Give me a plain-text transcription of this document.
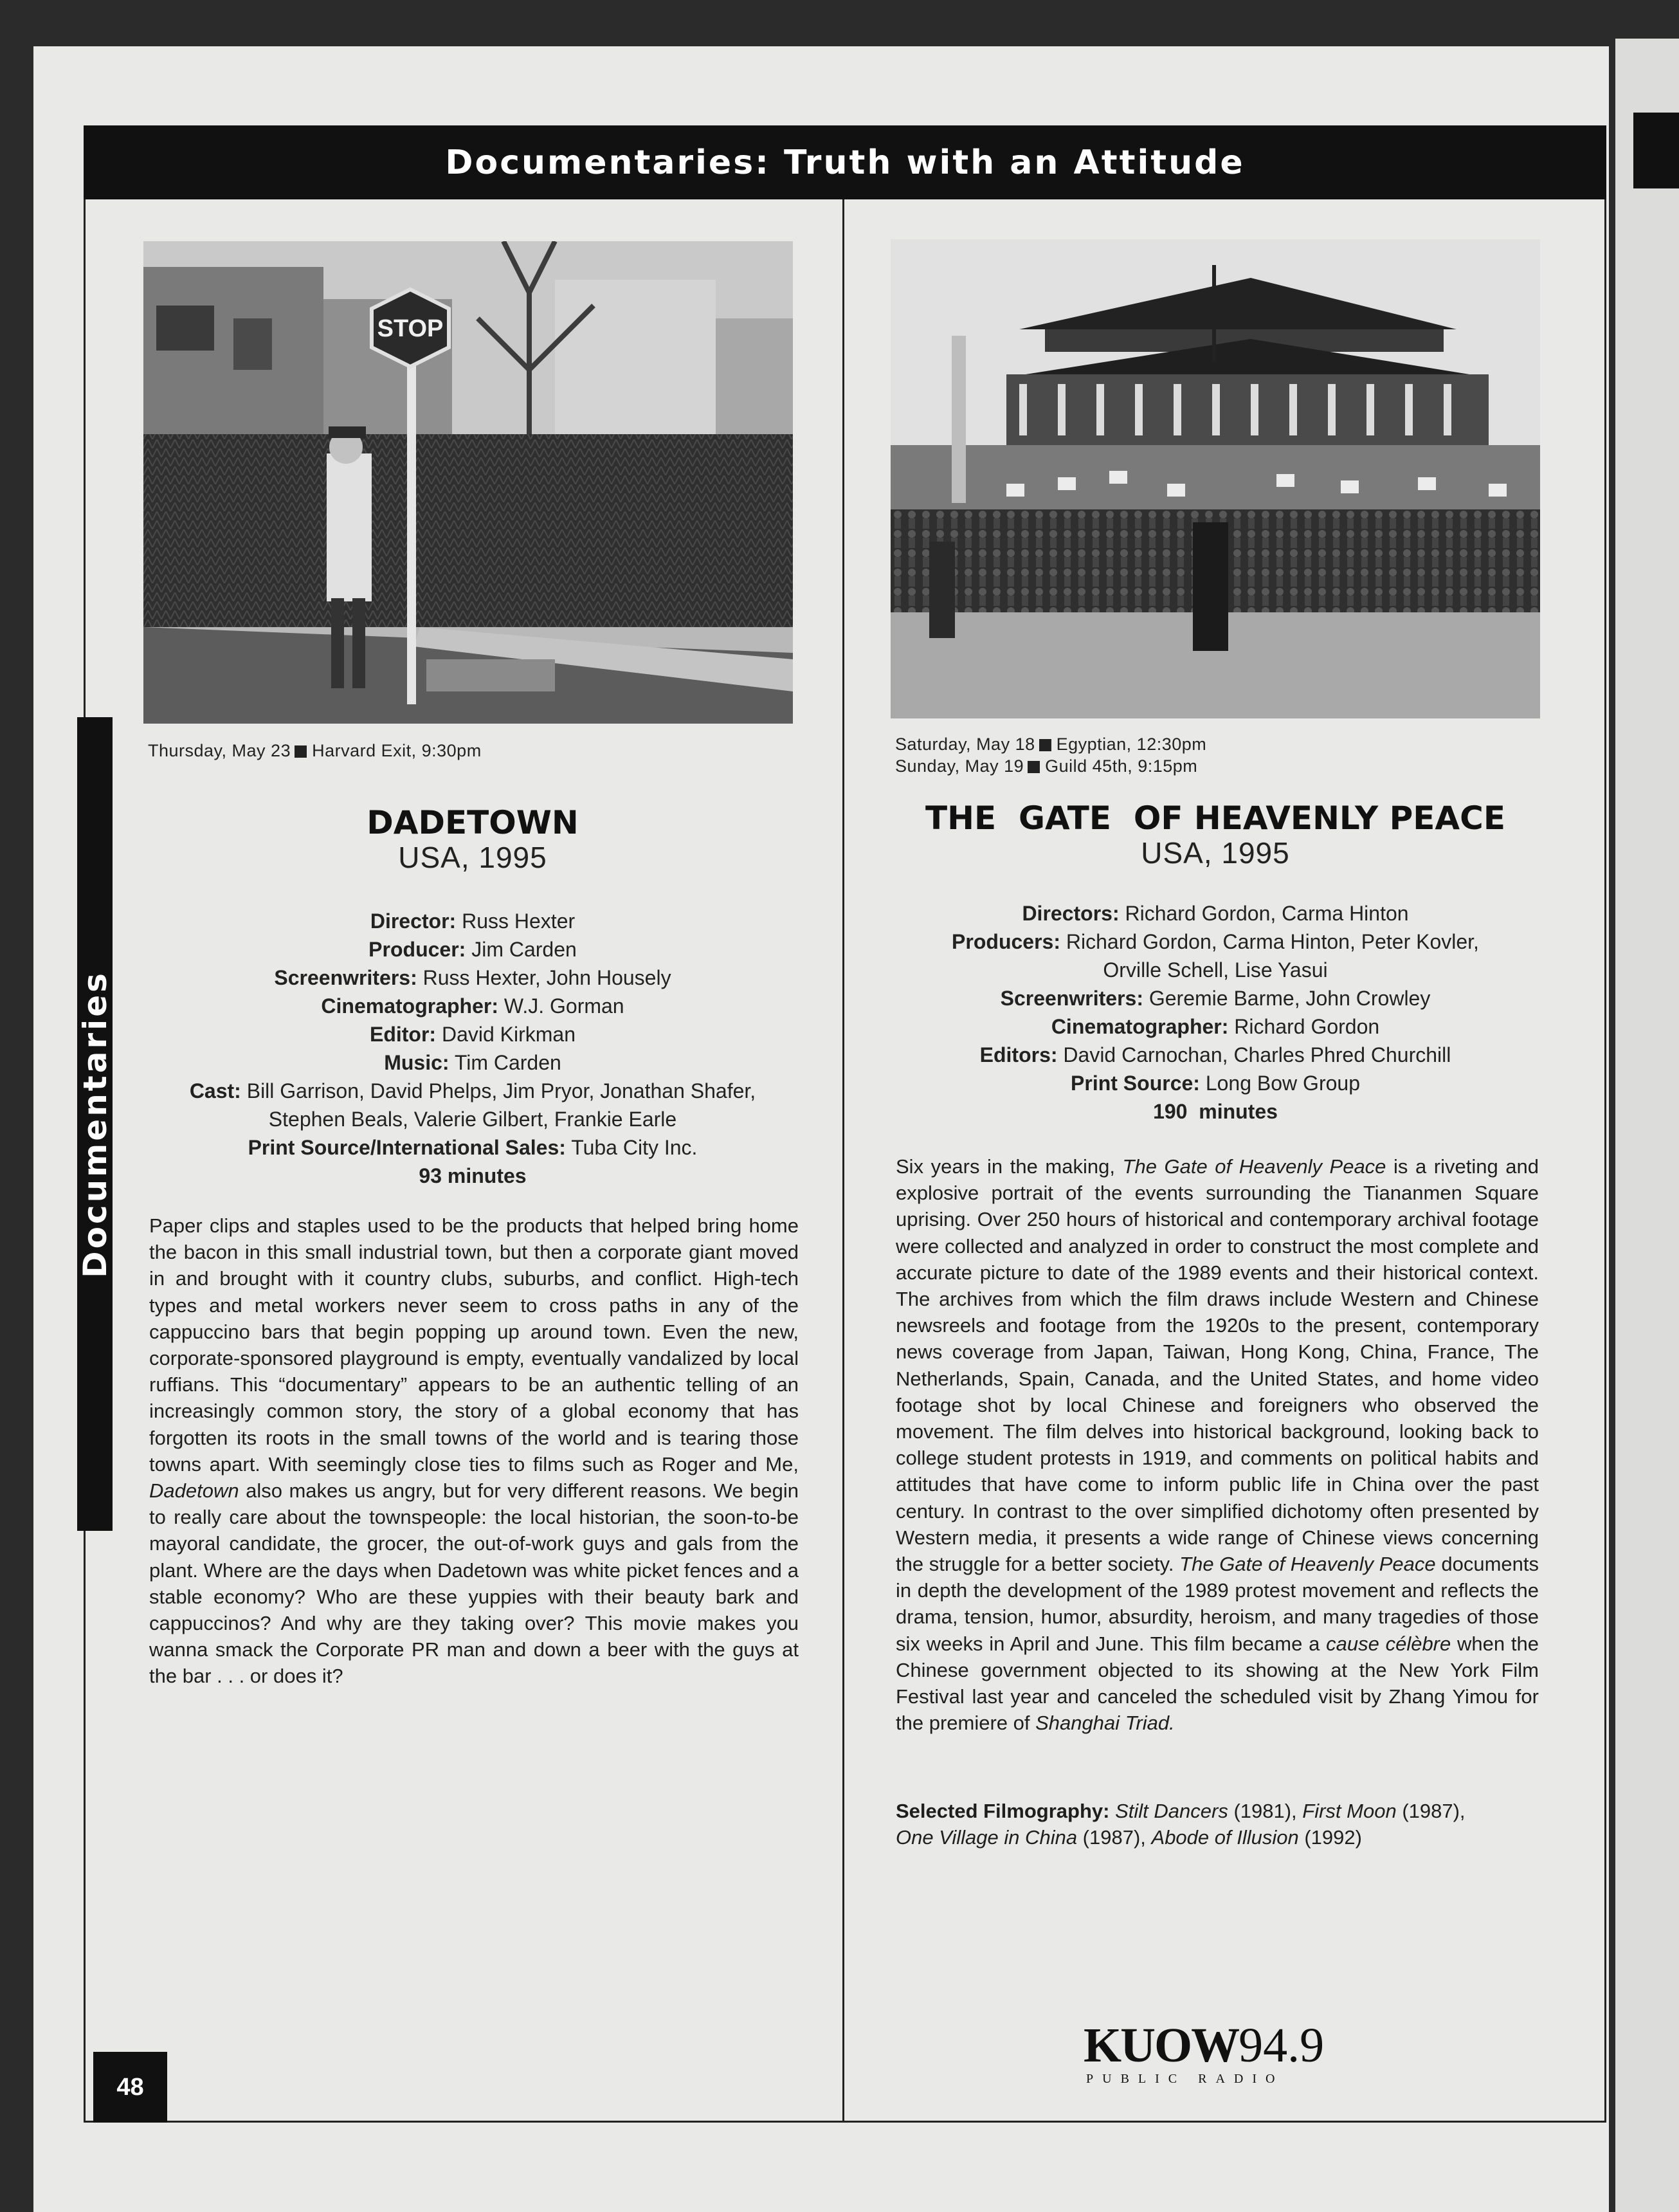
Documentaries: Truth with an Attitude
Documentaries
STOP
Thursday, May 23 Harvard Exit, 9:30pm
DADETOWN
USA, 1995
Director: Russ Hexter
Producer: Jim Carden
Screenwriters: Russ Hexter, John Housely
Cinematographer: W.J. Gorman
Editor: David Kirkman
Music: Tim Carden
Cast: Bill Garrison, David Phelps, Jim Pryor, Jonathan Shafer,
Stephen Beals, Valerie Gilbert, Frankie Earle
Print Source/International Sales: Tuba City Inc.
93 minutes
Paper clips and staples used to be the products that helped bring home the bacon in this small industrial town, but then a corporate giant moved in and brought with it country clubs, suburbs, and conflict. High-tech types and metal workers never seem to cross paths in any of the cappuccino bars that begin popping up around town. Even the new, corporate-sponsored playground is empty, eventually vandalized by local ruffians. This “documentary” appears to be an authentic telling of an increasingly common story, the story of a global economy that has forgotten its roots in the small towns of the world and is tearing those towns apart. With seemingly close ties to films such as Roger and Me, Dadetown also makes us angry, but for very different reasons. We begin to really care about the townspeople: the local historian, the soon-to-be mayoral candidate, the grocer, the out-of-work guys and gals from the plant. Where are the days when Dadetown was white picket fences and a stable economy? Who are these yuppies with their beauty bark and cappuccinos? And why are they taking over? This movie makes you wanna smack the Corporate PR man and down a beer with the guys at the bar . . . or does it?
Saturday, May 18 Egyptian, 12:30pm
Sunday, May 19 Guild 45th, 9:15pm
THE  GATE  OF HEAVENLY PEACE
USA, 1995
Directors: Richard Gordon, Carma Hinton
Producers: Richard Gordon, Carma Hinton, Peter Kovler,
Orville Schell, Lise Yasui
Screenwriters: Geremie Barme, John Crowley
Cinematographer: Richard Gordon
Editors: David Carnochan, Charles Phred Churchill
Print Source: Long Bow Group
190  minutes
Six years in the making, The Gate of Heavenly Peace is a riveting and explosive portrait of the events surrounding the Tiananmen Square uprising. Over 250 hours of historical and contemporary archival footage were collected and analyzed in order to construct the most complete and accurate picture to date of the 1989 events and their historical context. The archives from which the film draws include Western and Chinese newsreels and footage from the 1920s to the present, contemporary news coverage from Japan, Taiwan, Hong Kong, China, France, The Netherlands, Spain, Canada, and the United States, and home video footage shot by local Chinese and foreigners who observed the movement. The film delves into historical background, looking back to college student protests in 1919, and comments on political habits and attitudes that have come to inform public life in China over the past century. In contrast to the over simplified dichotomy often presented by Western media, it presents a wide range of Chinese views concerning the struggle for a better society. The Gate of Heavenly Peace documents in depth the development of the 1989 protest movement and reflects the drama, tension, humor, absurdity, heroism, and many tragedies of those six weeks in April and June. This film became a cause célèbre when the Chinese government objected to its showing at the New York Film Festival last year and canceled the scheduled visit by Zhang Yimou for the premiere of Shanghai Triad.
Selected Filmography: Stilt Dancers (1981), First Moon (1987),
One Village in China (1987), Abode of Illusion (1992)
KUOW94.9
PUBLIC RADIO
48
